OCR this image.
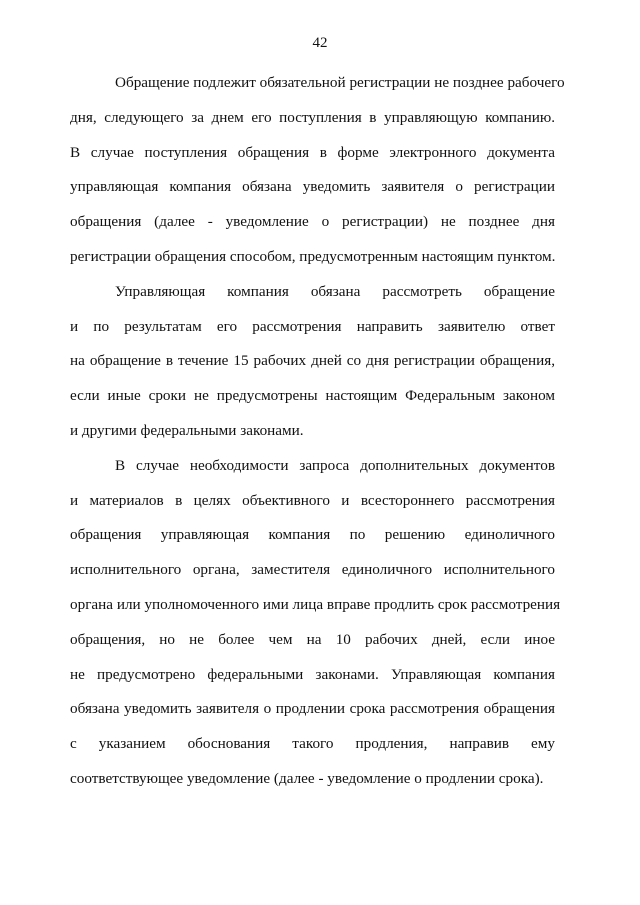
42
Обращение подлежит обязательной регистрации не позднее рабочего
дня, следующего за днем его поступления в управляющую компанию.
В случае поступления обращения в форме электронного документа
управляющая компания обязана уведомить заявителя о регистрации
обращения (далее - уведомление о регистрации) не позднее дня
регистрации обращения способом, предусмотренным настоящим пунктом.
Управляющая компания обязана рассмотреть обращение
и по результатам его рассмотрения направить заявителю ответ
на обращение в течение 15 рабочих дней со дня регистрации обращения,
если иные сроки не предусмотрены настоящим Федеральным законом
и другими федеральными законами.
В случае необходимости запроса дополнительных документов
и материалов в целях объективного и всестороннего рассмотрения
обращения управляющая компания по решению единоличного
исполнительного органа, заместителя единоличного исполнительного
органа или уполномоченного ими лица вправе продлить срок рассмотрения
обращения, но не более чем на 10 рабочих дней, если иное
не предусмотрено федеральными законами. Управляющая компания
обязана уведомить заявителя о продлении срока рассмотрения обращения
с указанием обоснования такого продления, направив ему
соответствующее уведомление (далее - уведомление о продлении срока).
